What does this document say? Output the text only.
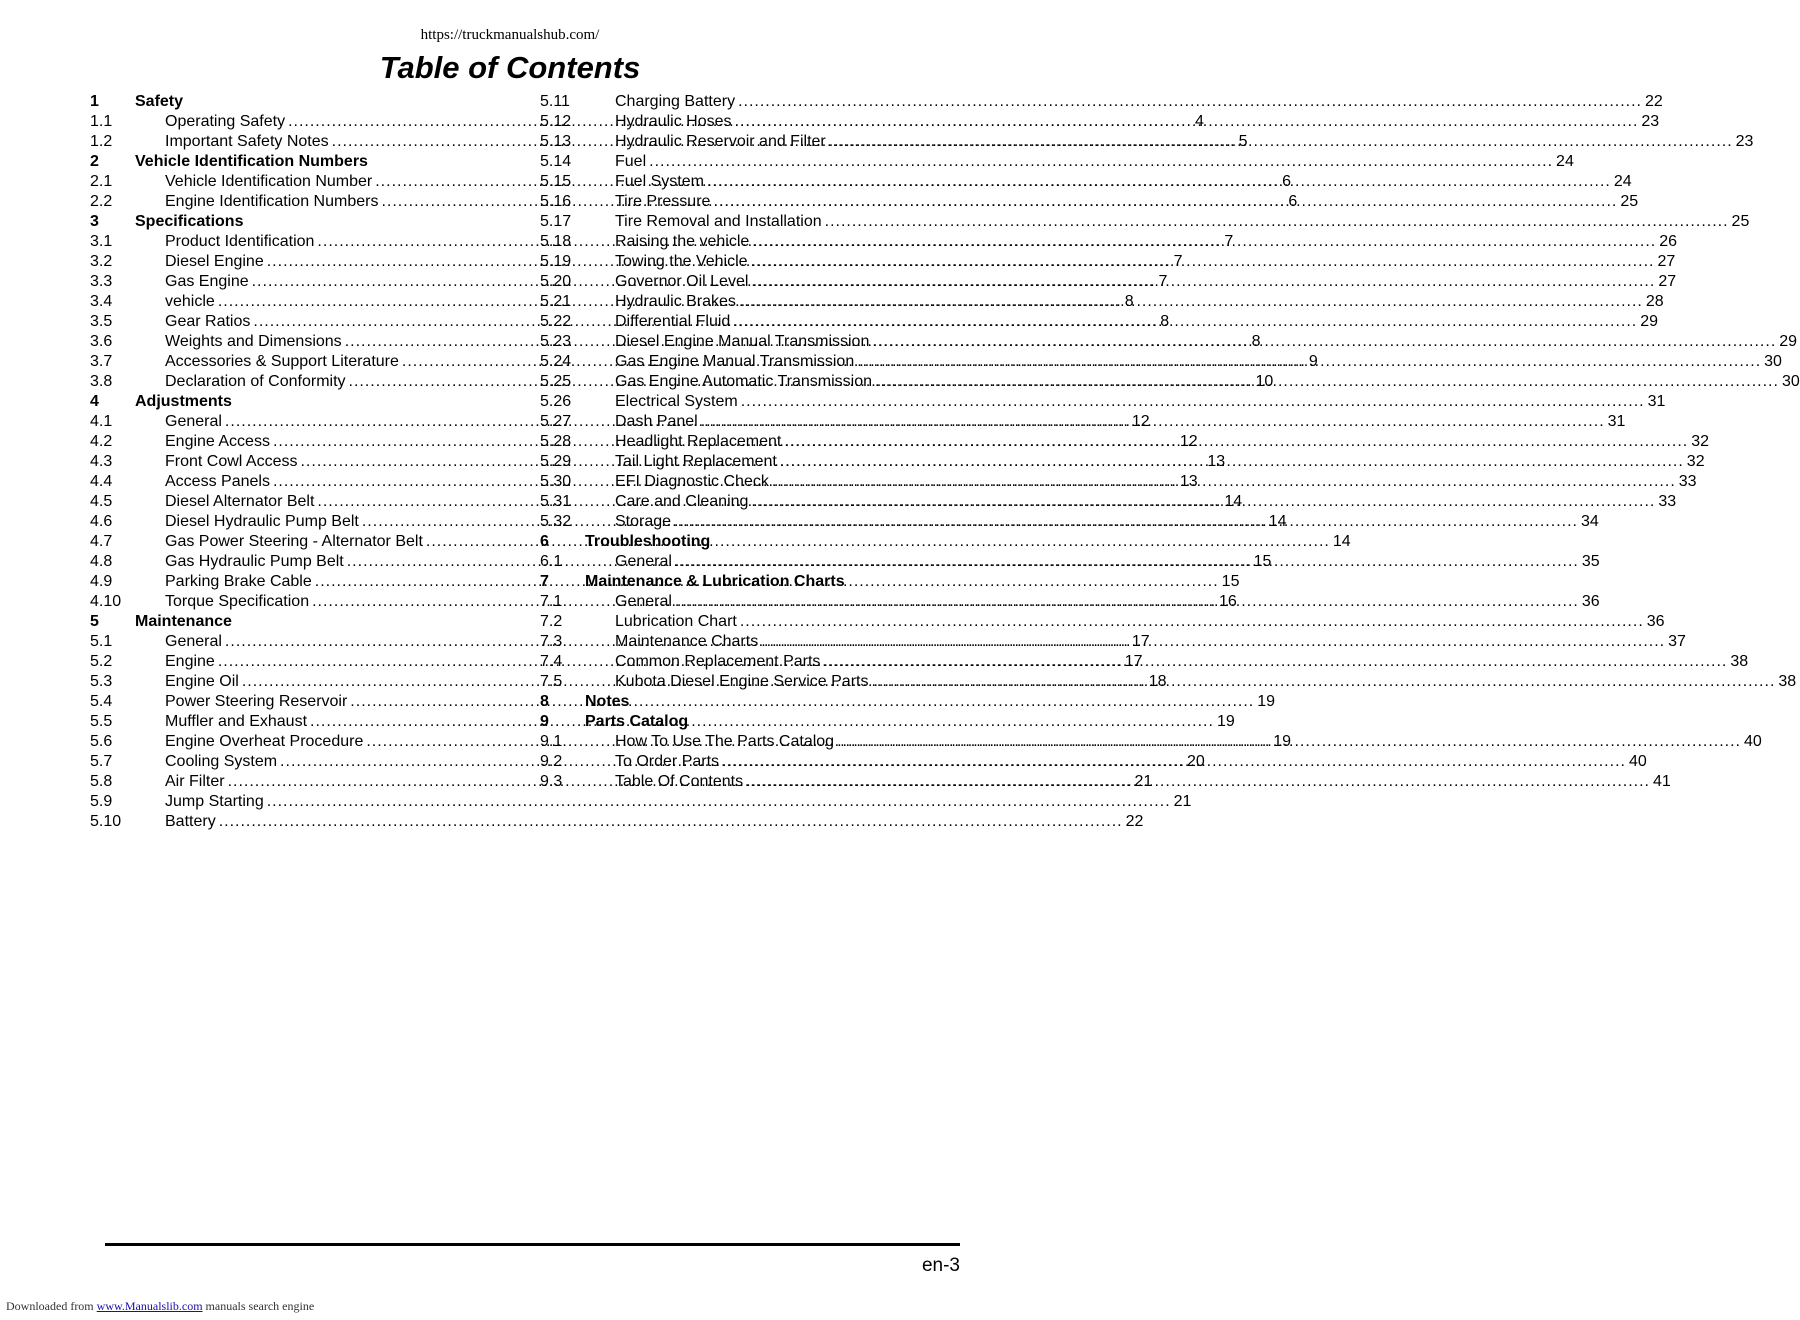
https://truckmanualshub.com/
Table of Contents
1	Safety
1.1	Operating Safety .....	4
1.2	Important Safety Notes .....	5
2	Vehicle Identification Numbers
2.1	Vehicle Identification Number .....	6
2.2	Engine Identification Numbers .....	6
3	Specifications
3.1	Product Identification .....	7
3.2	Diesel Engine .....	7
3.3	Gas Engine .....	7
3.4	vehicle .....	8
3.5	Gear Ratios .....	8
3.6	Weights and Dimensions .....	8
3.7	Accessories & Support Literature .....	9
3.8	Declaration of Conformity .....	10
4	Adjustments
4.1	General .....	12
4.2	Engine Access .....	12
4.3	Front Cowl Access .....	13
4.4	Access Panels .....	13
4.5	Diesel Alternator Belt .....	14
4.6	Diesel Hydraulic Pump Belt .....	14
4.7	Gas Power Steering - Alternator Belt .....	14
4.8	Gas Hydraulic Pump Belt .....	15
4.9	Parking Brake Cable .....	15
4.10	Torque Specification .....	16
5	Maintenance
5.1	General .....	17
5.2	Engine .....	17
5.3	Engine Oil .....	18
5.4	Power Steering Reservoir .....	19
5.5	Muffler and Exhaust .....	19
5.6	Engine Overheat Procedure .....	19
5.7	Cooling System .....	20
5.8	Air Filter .....	21
5.9	Jump Starting .....	21
5.10	Battery .....	22
5.11	Charging Battery .....	22
5.12	Hydraulic Hoses .....	23
5.13	Hydraulic Reservoir and Filter .....	23
5.14	Fuel .....	24
5.15	Fuel System .....	24
5.16	Tire Pressure .....	25
5.17	Tire Removal and Installation .....	25
5.18	Raising the vehicle .....	26
5.19	Towing the Vehicle .....	27
5.20	Governor Oil Level .....	27
5.21	Hydraulic Brakes .....	28
5.22	Differential Fluid .....	29
5.23	Diesel Engine Manual Transmission .....	29
5.24	Gas Engine Manual Transmission .....	30
5.25	Gas Engine Automatic Transmission .....	30
5.26	Electrical System .....	31
5.27	Dash Panel .....	31
5.28	Headlight Replacement .....	32
5.29	Tail Light Replacement .....	32
5.30	EFI Diagnostic Check .....	33
5.31	Care and Cleaning .....	33
5.32	Storage .....	34
6	Troubleshooting
6.1	General .....	35
7	Maintenance & Lubrication Charts
7.1	General .....	36
7.2	Lubrication Chart .....	36
7.3	Maintenance Charts .....	37
7.4	Common Replacement Parts .....	38
7.5	Kubota Diesel Engine Service Parts .....	38
8	Notes
9	Parts Catalog
9.1	How To Use The Parts Catalog .....	40
9.2	To Order Parts .....	40
9.3	Table Of Contents .....	41
en-3
Downloaded from www.Manualslib.com manuals search engine
